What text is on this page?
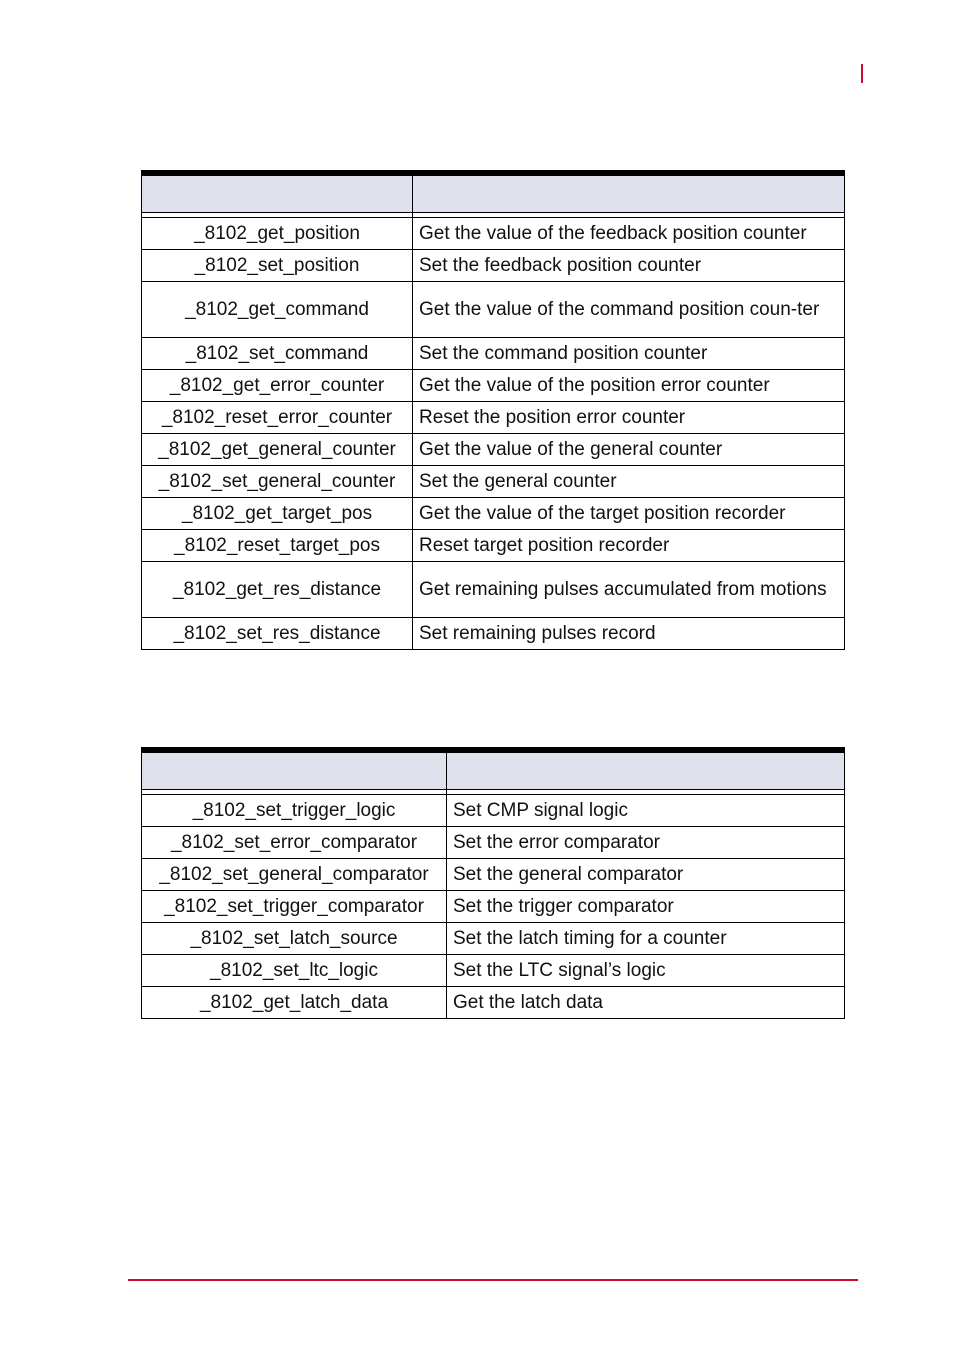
_8102_get_position	Get the value of the feedback position counter
_8102_set_position	Set the feedback position counter
_8102_get_command	Get the value of the command position coun-ter
_8102_set_command	Set the command position counter
_8102_get_error_counter	Get the value of the position error counter
_8102_reset_error_counter	Reset the position error counter
_8102_get_general_counter	Get the value of the general counter
_8102_set_general_counter	Set the general counter
_8102_get_target_pos	Get the value of the target position recorder
_8102_reset_target_pos	Reset target position recorder
_8102_get_res_distance	Get remaining pulses accumulated from motions
_8102_set_res_distance	Set remaining pulses record

_8102_set_trigger_logic	Set CMP signal logic
_8102_set_error_comparator	Set the error comparator
_8102_set_general_comparator	Set the general comparator
_8102_set_trigger_comparator	Set the trigger comparator
_8102_set_latch_source	Set the latch timing for a counter
_8102_set_ltc_logic	Set the LTC signal’s logic
_8102_get_latch_data	Get the latch data
